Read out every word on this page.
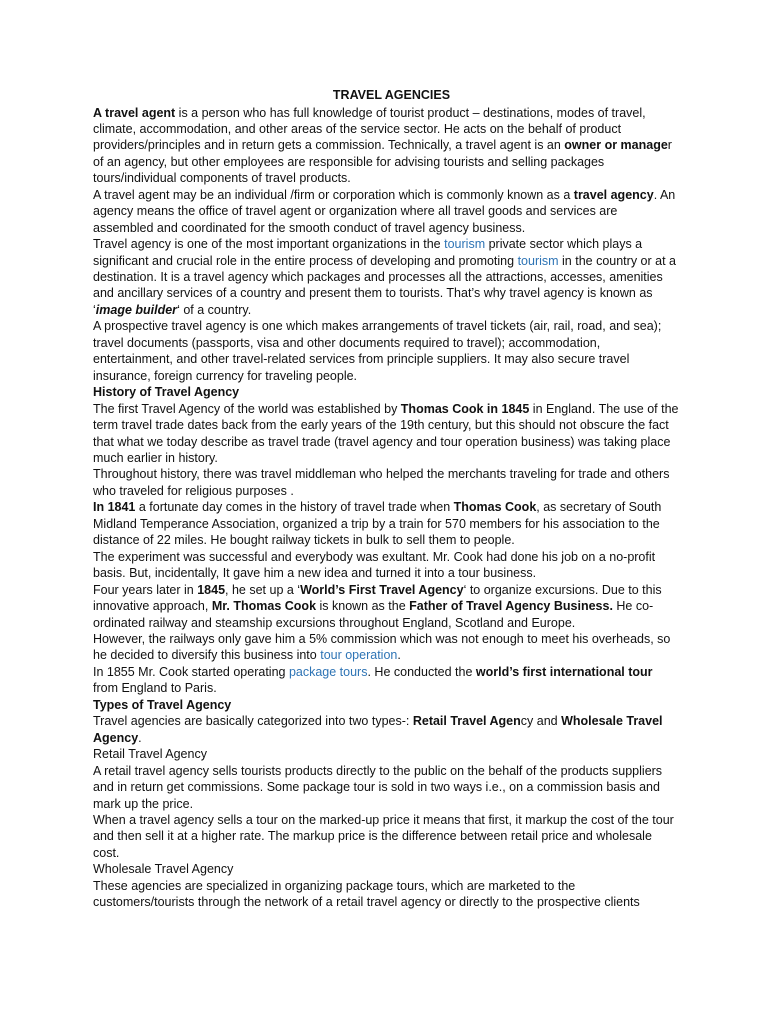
TRAVEL AGENCIES

A travel agent is a person who has full knowledge of tourist product – destinations, modes of travel, climate, accommodation, and other areas of the service sector. He acts on the behalf of product providers/principles and in return gets a commission. Technically, a travel agent is an owner or manager of an agency, but other employees are responsible for advising tourists and selling packages tours/individual components of travel products.

A travel agent may be an individual /firm or corporation which is commonly known as a travel agency. An agency means the office of travel agent or organization where all travel goods and services are assembled and coordinated for the smooth conduct of travel agency business.

Travel agency is one of the most important organizations in the tourism private sector which plays a significant and crucial role in the entire process of developing and promoting tourism in the country or at a destination. It is a travel agency which packages and processes all the attractions, accesses, amenities and ancillary services of a country and present them to tourists. That’s why travel agency is known as ‘image builder‘ of a country.

A prospective travel agency is one which makes arrangements of travel tickets (air, rail, road, and sea); travel documents (passports, visa and other documents required to travel); accommodation, entertainment, and other travel-related services from principle suppliers. It may also secure travel insurance, foreign currency for traveling people.

History of Travel Agency

The first Travel Agency of the world was established by Thomas Cook in 1845 in England. The use of the term travel trade dates back from the early years of the 19th century, but this should not obscure the fact that what we today describe as travel trade (travel agency and tour operation business) was taking place much earlier in history.

Throughout history, there was travel middleman who helped the merchants traveling for trade and others who traveled for religious purposes .

In 1841 a fortunate day comes in the history of travel trade when Thomas Cook, as secretary of South Midland Temperance Association, organized a trip by a train for 570 members for his association to the distance of 22 miles. He bought railway tickets in bulk to sell them to people.

The experiment was successful and everybody was exultant. Mr. Cook had done his job on a no-profit basis. But, incidentally, It gave him a new idea and turned it into a tour business.

Four years later in 1845, he set up a ‘World’s First Travel Agency‘ to organize excursions. Due to this innovative approach, Mr. Thomas Cook is known as the Father of Travel Agency Business. He co-ordinated railway and steamship excursions throughout England, Scotland and Europe.

However, the railways only gave him a 5% commission which was not enough to meet his overheads, so he decided to diversify this business into tour operation.

In 1855 Mr. Cook started operating package tours. He conducted the world’s first international tour from England to Paris.

Types of Travel Agency

Travel agencies are basically categorized into two types-: Retail Travel Agency and Wholesale Travel Agency.

Retail Travel Agency

A retail travel agency sells tourists products directly to the public on the behalf of the products suppliers and in return get commissions. Some package tour is sold in two ways i.e., on a commission basis and mark up the price.

When a travel agency sells a tour on the marked-up price it means that first, it markup the cost of the tour and then sell it at a higher rate. The markup price is the difference between retail price and wholesale cost.

Wholesale Travel Agency

These agencies are specialized in organizing package tours, which are marketed to the customers/tourists through the network of a retail travel agency or directly to the prospective clients
